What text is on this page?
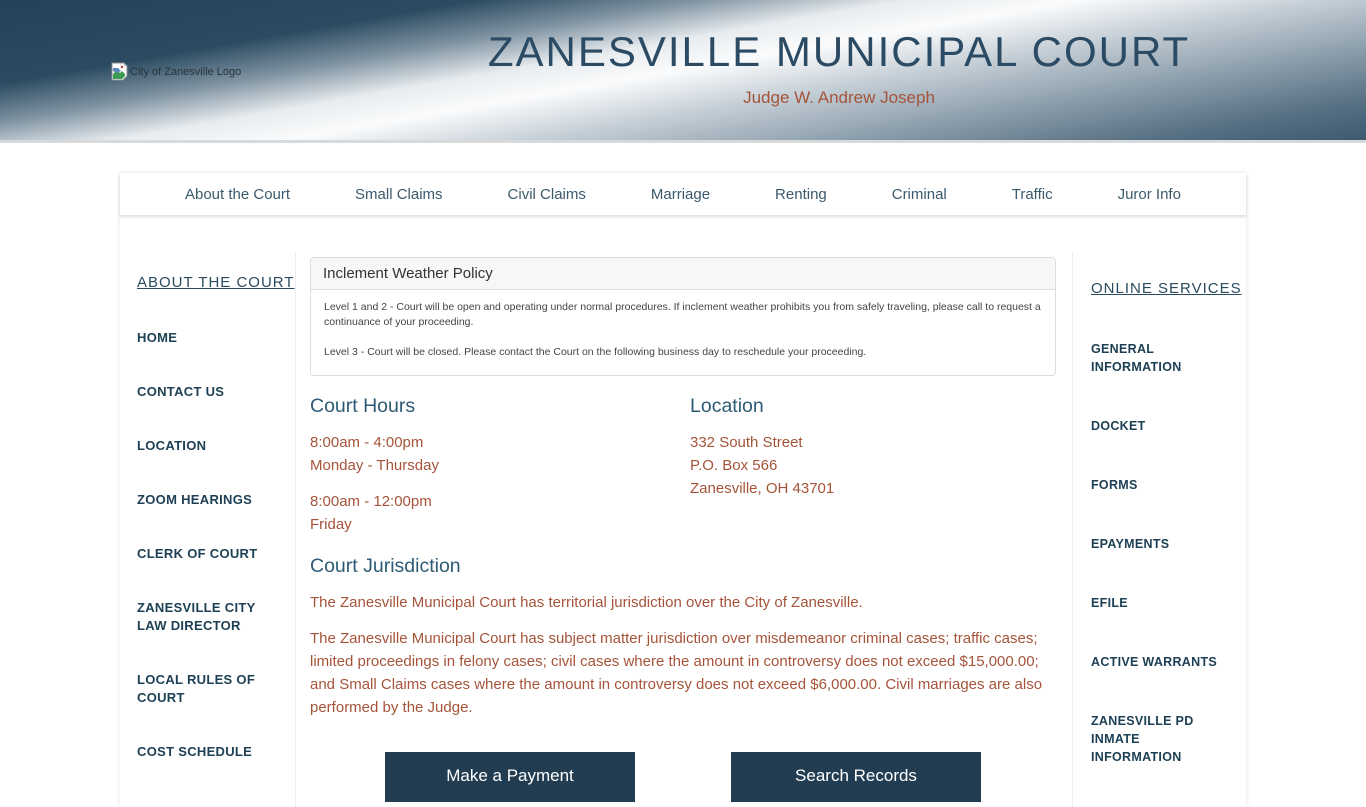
City of Zanesville Logo	ZANESVILLE MUNICIPAL COURT
Judge W. Andrew Joseph
About the Court	Small Claims	Civil Claims	Marriage	Renting	Criminal	Traffic	Juror Info
ABOUT THE COURT
HOME
CONTACT US
LOCATION
ZOOM HEARINGS
CLERK OF COURT
ZANESVILLE CITY LAW DIRECTOR
LOCAL RULES OF COURT
COST SCHEDULE
Inclement Weather Policy

Level 1 and 2 - Court will be open and operating under normal procedures. If inclement weather prohibits you from safely traveling, please call to request a continuance of your proceeding.

Level 3 - Court will be closed. Please contact the Court on the following business day to reschedule your proceeding.

Court Hours
8:00am - 4:00pm
Monday - Thursday
8:00am - 12:00pm
Friday
Location
332 South Street
P.O. Box 566
Zanesville, OH 43701
Court Jurisdiction

The Zanesville Municipal Court has territorial jurisdiction over the City of Zanesville.

The Zanesville Municipal Court has subject matter jurisdiction over misdemeanor criminal cases; traffic cases; limited proceedings in felony cases; civil cases where the amount in controversy does not exceed $15,000.00; and Small Claims cases where the amount in controversy does not exceed $6,000.00. Civil marriages are also performed by the Judge.

Make a Payment	Search Records
ONLINE SERVICES
GENERAL INFORMATION
DOCKET
FORMS
EPAYMENTS
EFILE
ACTIVE WARRANTS
ZANESVILLE PD INMATE INFORMATION
